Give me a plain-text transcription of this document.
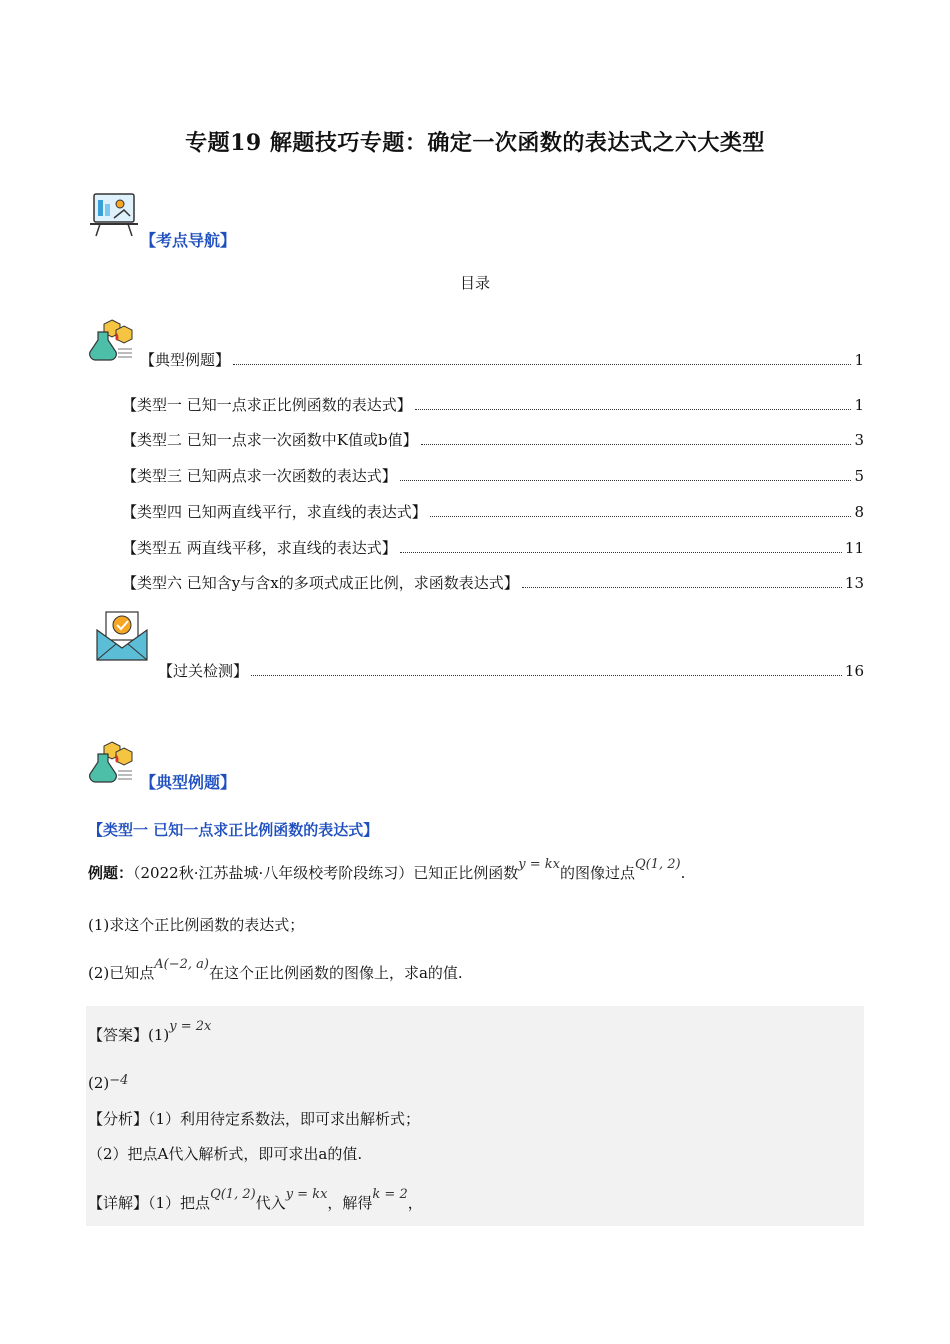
专题19 解题技巧专题：确定一次函数的表达式之六大类型
【考点导航】
目录
【典型例题】	1
【类型一 已知一点求正比例函数的表达式】	1
【类型二 已知一点求一次函数中K值或b值】	3
【类型三 已知两点求一次函数的表达式】	5
【类型四 已知两直线平行，求直线的表达式】	8
【类型五 两直线平移，求直线的表达式】	11
【类型六 已知含y与含x的多项式成正比例，求函数表达式】	13
【过关检测】	16
【典型例题】
【类型一 已知一点求正比例函数的表达式】
例题：（2022秋·江苏盐城·八年级校考阶段练习）已知正比例函数y = kx的图像过点Q(1, 2).
(1)求这个正比例函数的表达式；
(2)已知点A(−2, a)在这个正比例函数的图像上，求a的值.
【答案】(1)y = 2x
(2)−4
【分析】（1）利用待定系数法，即可求出解析式；
（2）把点A代入解析式，即可求出a的值.
【详解】（1）把点Q(1, 2)代入y = kx，解得k = 2，
